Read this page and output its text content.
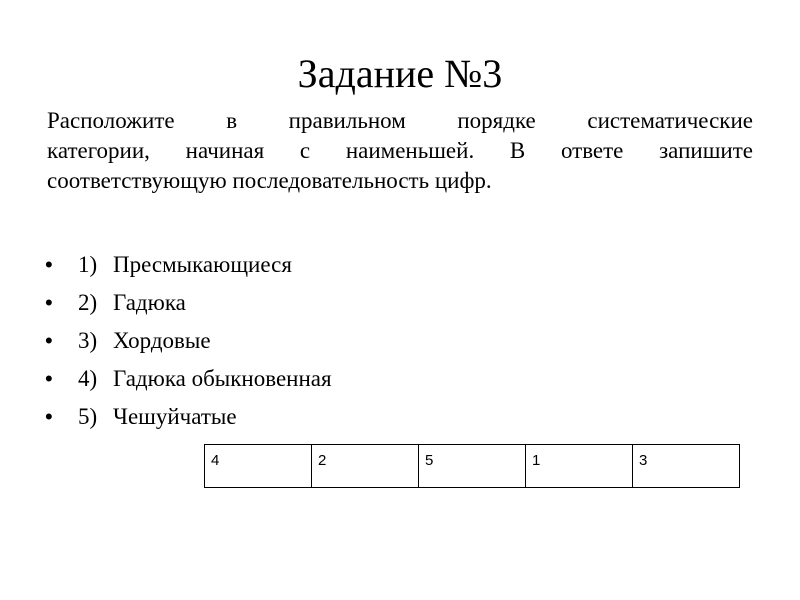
Задание №3
Расположите в правильном порядке систематические
категории, начиная с наименьшей. В ответе запишите
соответствующую последовательность цифр.
• 1) Пресмыкающиеся
• 2) Гадюка
• 3) Хордовые
• 4) Гадюка обыкновенная
• 5) Чешуйчатые
4	2	5	1	3
